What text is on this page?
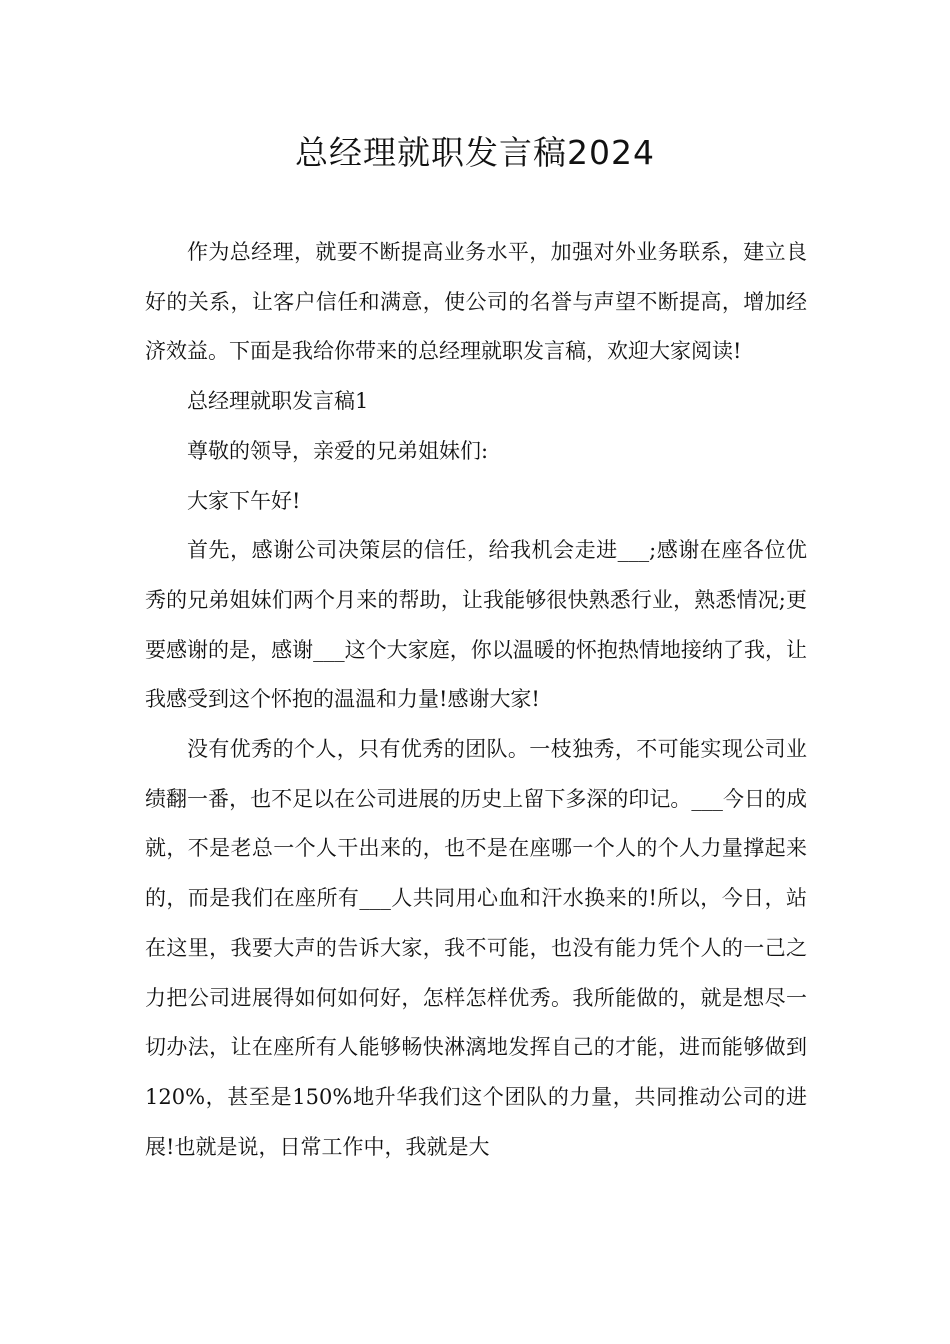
总经理就职发言稿2024

作为总经理，就要不断提高业务水平，加强对外业务联系，建立良好的关系，让客户信任和满意，使公司的名誉与声望不断提高，增加经济效益。下面是我给你带来的总经理就职发言稿，欢迎大家阅读!

总经理就职发言稿1

尊敬的领导，亲爱的兄弟姐妹们:

大家下午好!

首先，感谢公司决策层的信任，给我机会走进___;感谢在座各位优秀的兄弟姐妹们两个月来的帮助，让我能够很快熟悉行业，熟悉情况;更要感谢的是，感谢___这个大家庭，你以温暖的怀抱热情地接纳了我，让我感受到这个怀抱的温温和力量!感谢大家!

没有优秀的个人，只有优秀的团队。一枝独秀，不可能实现公司业绩翻一番，也不足以在公司进展的历史上留下多深的印记。___今日的成就，不是老总一个人干出来的，也不是在座哪一个人的个人力量撑起来的，而是我们在座所有___人共同用心血和汗水换来的!所以，今日，站在这里，我要大声的告诉大家，我不可能，也没有能力凭个人的一己之力把公司进展得如何如何好，怎样怎样优秀。我所能做的，就是想尽一切办法，让在座所有人能够畅快淋漓地发挥自己的才能，进而能够做到120%，甚至是150%地升华我们这个团队的力量，共同推动公司的进展!也就是说，日常工作中，我就是大
